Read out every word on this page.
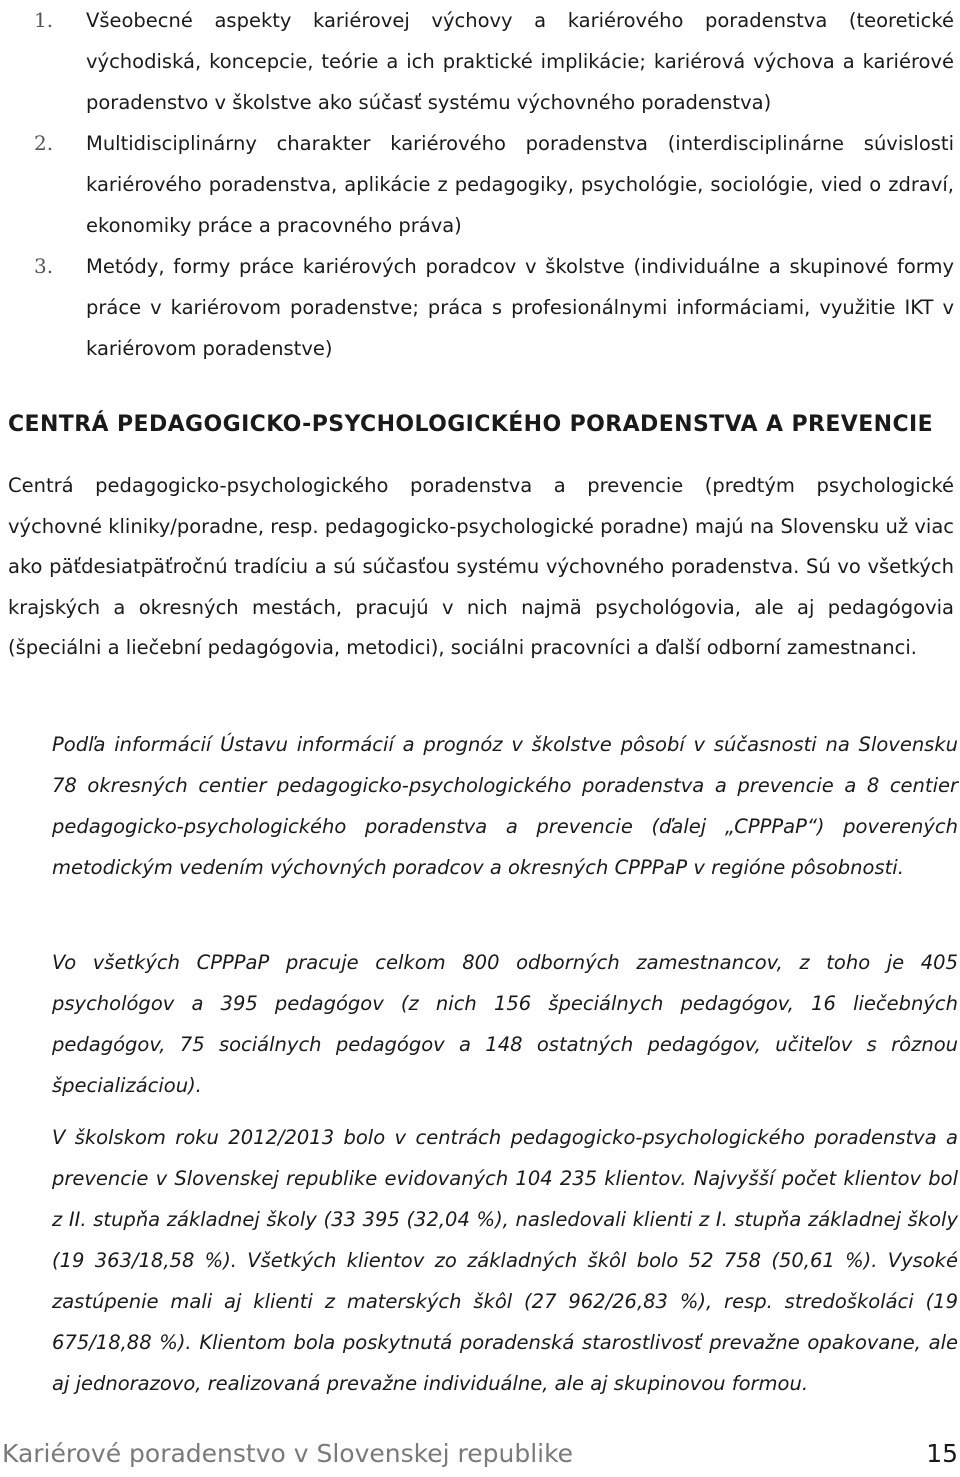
1. Všeobecné aspekty kariérovej výchovy a kariérového poradenstva (teoretické východiská, koncepcie, teórie a ich praktické implikácie; kariérová výchova a kariérové poradenstvo v školstve ako súčasť systému výchovného poradenstva)
2. Multidisciplinárny charakter kariérového poradenstva (interdisciplinárne súvislosti kariérového poradenstva, aplikácie z pedagogiky, psychológie, sociológie, vied o zdraví, ekonomiky práce a pracovného práva)
3. Metódy, formy práce kariérových poradcov v školstve (individuálne a skupinové formy práce v kariérovom poradenstve; práca s profesionálnymi informáciami, využitie IKT v kariérovom poradenstve)
CENTRÁ PEDAGOGICKO-PSYCHOLOGICKÉHO PORADENSTVA A PREVENCIE
Centrá pedagogicko-psychologického poradenstva a prevencie (predtým psychologické výchovné kliniky/poradne, resp. pedagogicko-psychologické poradne) majú na Slovensku už viac ako päťdesiatpäťročnú tradíciu a sú súčasťou systému výchovného poradenstva. Sú vo všetkých krajských a okresných mestách, pracujú v nich najmä psychológovia, ale aj pedagógovia (špeciálni a liečební pedagógovia, metodici), sociálni pracovníci a ďalší odborní zamestnanci.
Podľa informácií Ústavu informácií a prognóz v školstve pôsobí v súčasnosti na Slovensku 78 okresných centier pedagogicko-psychologického poradenstva a prevencie a 8 centier pedagogicko-psychologického poradenstva a prevencie (ďalej „CPPPaP“) poverených metodickým vedením výchovných poradcov a okresných CPPPaP v regióne pôsobnosti.
Vo všetkých CPPPaP pracuje celkom 800 odborných zamestnancov, z toho je 405 psychológov a 395 pedagógov (z nich 156 špeciálnych pedagógov, 16 liečebných pedagógov, 75 sociálnych pedagógov a 148 ostatných pedagógov, učiteľov s rôznou špecializáciou).
V školskom roku 2012/2013 bolo v centrách pedagogicko-psychologického poradenstva a prevencie v Slovenskej republike evidovaných 104 235 klientov. Najvyšší počet klientov bol z II. stupňa základnej školy (33 395 (32,04 %), nasledovali klienti z I. stupňa základnej školy (19 363/18,58 %). Všetkých klientov zo základných škôl bolo 52 758 (50,61 %). Vysoké zastúpenie mali aj klienti z materských škôl (27 962/26,83 %), resp. stredoškoláci (19 675/18,88 %). Klientom bola poskytnutá poradenská starostlivosť prevažne opakovane, ale aj jednorazovo, realizovaná prevažne individuálne, ale aj skupinovou formou.
Kariérové poradenstvo v Slovenskej republike	15
